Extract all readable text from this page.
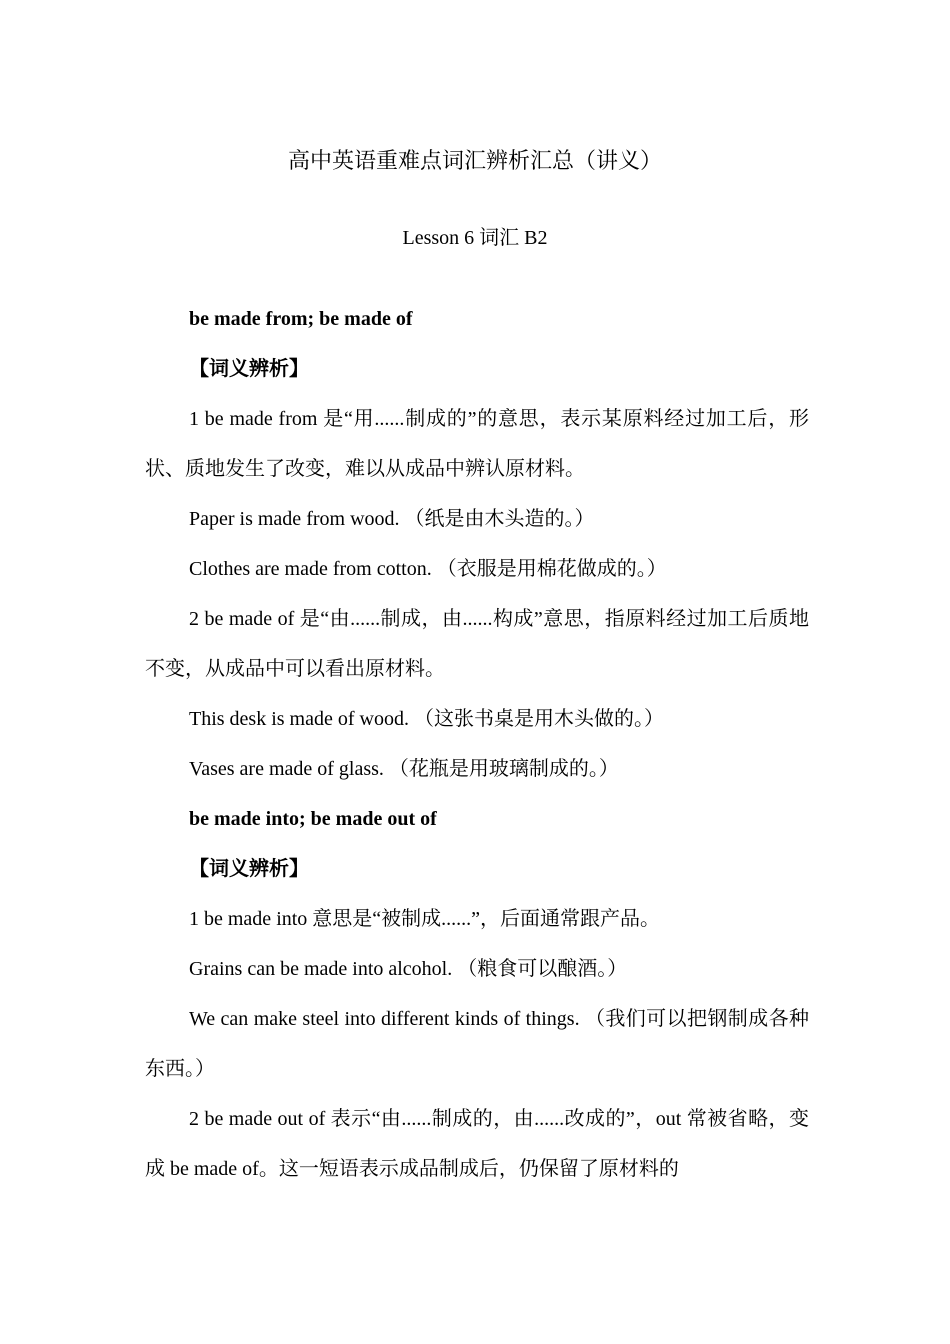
高中英语重难点词汇辨析汇总（讲义）
Lesson 6 词汇 B2

be made from; be made of

【词义辨析】

1 be made from 是“用......制成的”的意思，表示某原料经过加工后，形状、质地发生了改变，难以从成品中辨认原材料。

Paper is made from wood. （纸是由木头造的。）

Clothes are made from cotton. （衣服是用棉花做成的。）

2 be made of 是“由......制成，由......构成”意思，指原料经过加工后质地不变，从成品中可以看出原材料。

This desk is made of wood. （这张书桌是用木头做的。）

Vases are made of glass. （花瓶是用玻璃制成的。）

be made into; be made out of

【词义辨析】

1 be made into 意思是“被制成......”，后面通常跟产品。

Grains can be made into alcohol. （粮食可以酿酒。）

We can make steel into different kinds of things. （我们可以把钢制成各种东西。）

2 be made out of 表示“由......制成的，由......改成的”，out 常被省略，变成 be made of。这一短语表示成品制成后，仍保留了原材料的
